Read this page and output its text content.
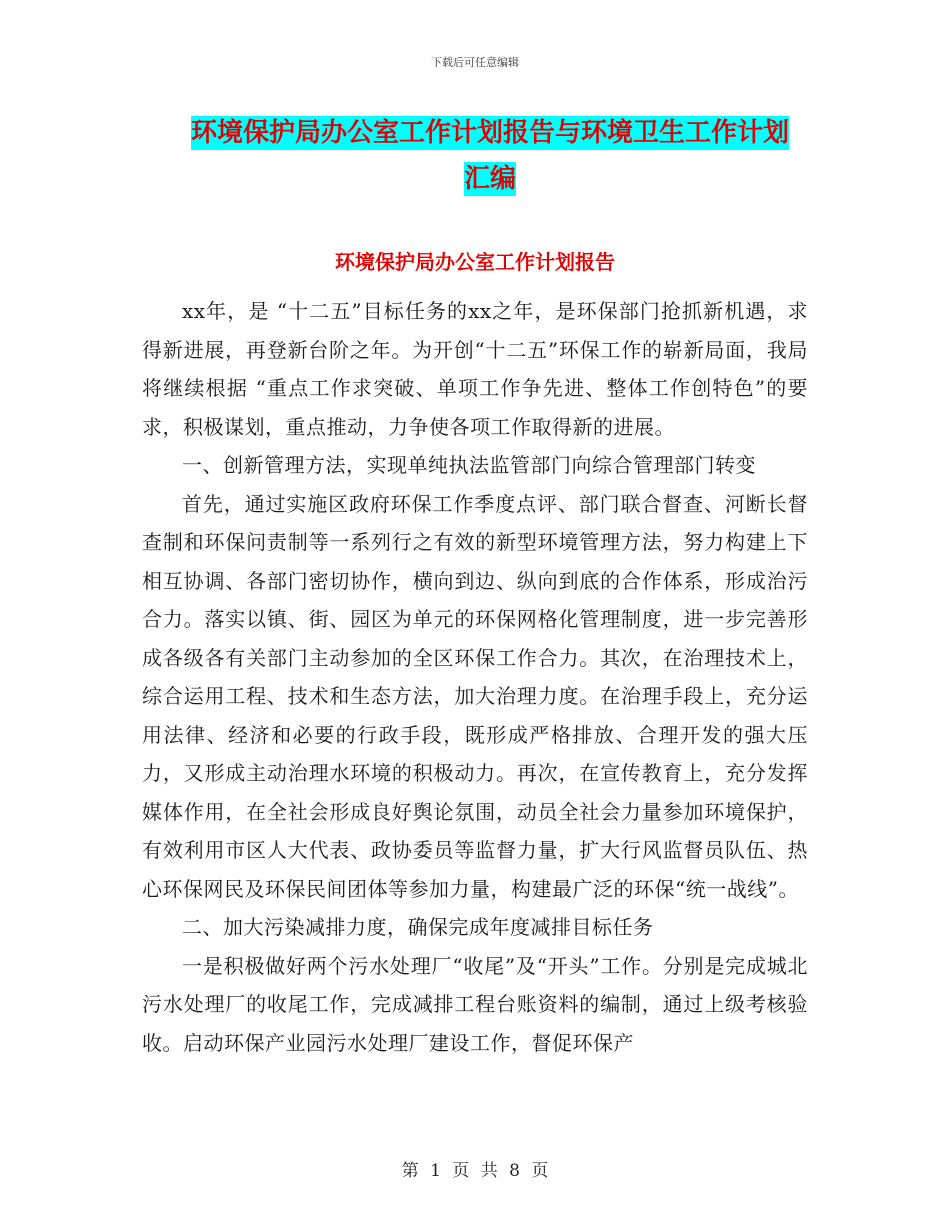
下载后可任意编辑
环境保护局办公室工作计划报告与环境卫生工作计划
汇编
环境保护局办公室工作计划报告

xx年，是 “十二五”目标任务的xx之年，是环保部门抢抓新机遇，求得新进展，再登新台阶之年。为开创“十二五”环保工作的崭新局面，我局将继续根据 “重点工作求突破、单项工作争先进、整体工作创特色”的要求，积极谋划，重点推动，力争使各项工作取得新的进展。

一、创新管理方法，实现单纯执法监管部门向综合管理部门转变

首先，通过实施区政府环保工作季度点评、部门联合督查、河断长督查制和环保问责制等一系列行之有效的新型环境管理方法，努力构建上下相互协调、各部门密切协作，横向到边、纵向到底的合作体系，形成治污合力。落实以镇、街、园区为单元的环保网格化管理制度，进一步完善形成各级各有关部门主动参加的全区环保工作合力。其次，在治理技术上，综合运用工程、技术和生态方法，加大治理力度。在治理手段上，充分运用法律、经济和必要的行政手段，既形成严格排放、合理开发的强大压力，又形成主动治理水环境的积极动力。再次，在宣传教育上，充分发挥媒体作用，在全社会形成良好舆论氛围，动员全社会力量参加环境保护，有效利用市区人大代表、政协委员等监督力量，扩大行风监督员队伍、热心环保网民及环保民间团体等参加力量，构建最广泛的环保“统一战线”。

二、加大污染减排力度，确保完成年度减排目标任务

一是积极做好两个污水处理厂“收尾”及“开头”工作。分别是完成城北污水处理厂的收尾工作，完成减排工程台账资料的编制，通过上级考核验收。启动环保产业园污水处理厂建设工作，督促环保产

第 1 页 共 8 页
